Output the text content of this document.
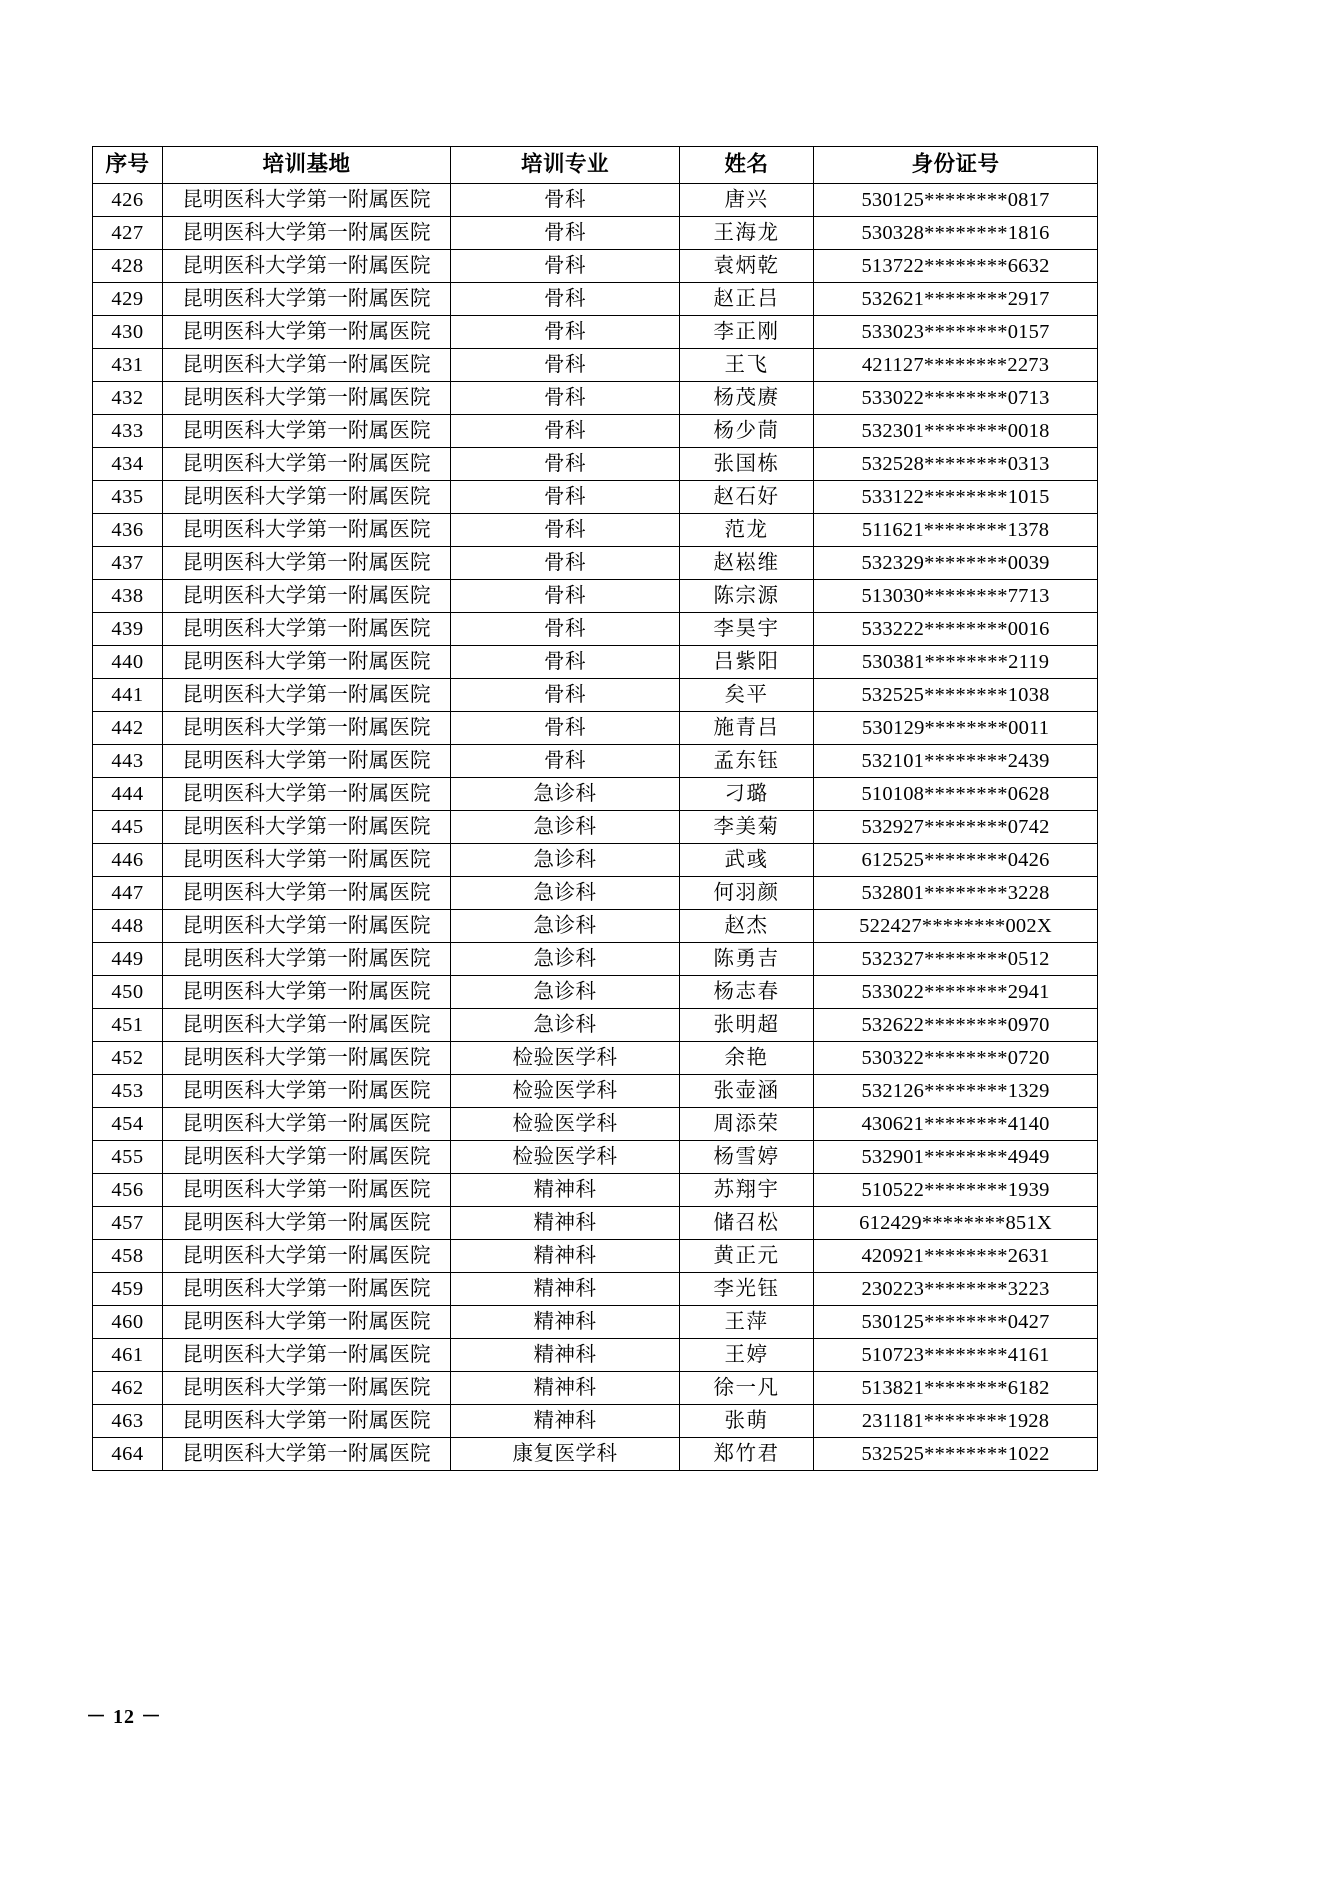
序号	培训基地	培训专业	姓名	身份证号
426	昆明医科大学第一附属医院	骨科	唐兴	530125********0817
427	昆明医科大学第一附属医院	骨科	王海龙	530328********1816
428	昆明医科大学第一附属医院	骨科	袁炳乾	513722********6632
429	昆明医科大学第一附属医院	骨科	赵正吕	532621********2917
430	昆明医科大学第一附属医院	骨科	李正刚	533023********0157
431	昆明医科大学第一附属医院	骨科	王飞	421127********2273
432	昆明医科大学第一附属医院	骨科	杨茂赓	533022********0713
433	昆明医科大学第一附属医院	骨科	杨少茼	532301********0018
434	昆明医科大学第一附属医院	骨科	张国栋	532528********0313
435	昆明医科大学第一附属医院	骨科	赵石好	533122********1015
436	昆明医科大学第一附属医院	骨科	范龙	511621********1378
437	昆明医科大学第一附属医院	骨科	赵崧维	532329********0039
438	昆明医科大学第一附属医院	骨科	陈宗源	513030********7713
439	昆明医科大学第一附属医院	骨科	李昊宇	533222********0016
440	昆明医科大学第一附属医院	骨科	吕紫阳	530381********2119
441	昆明医科大学第一附属医院	骨科	矣平	532525********1038
442	昆明医科大学第一附属医院	骨科	施青吕	530129********0011
443	昆明医科大学第一附属医院	骨科	孟东钰	532101********2439
444	昆明医科大学第一附属医院	急诊科	刁璐	510108********0628
445	昆明医科大学第一附属医院	急诊科	李美菊	532927********0742
446	昆明医科大学第一附属医院	急诊科	武彧	612525********0426
447	昆明医科大学第一附属医院	急诊科	何羽颜	532801********3228
448	昆明医科大学第一附属医院	急诊科	赵杰	522427********002X
449	昆明医科大学第一附属医院	急诊科	陈勇吉	532327********0512
450	昆明医科大学第一附属医院	急诊科	杨志春	533022********2941
451	昆明医科大学第一附属医院	急诊科	张明超	532622********0970
452	昆明医科大学第一附属医院	检验医学科	余艳	530322********0720
453	昆明医科大学第一附属医院	检验医学科	张壶涵	532126********1329
454	昆明医科大学第一附属医院	检验医学科	周添荣	430621********4140
455	昆明医科大学第一附属医院	检验医学科	杨雪婷	532901********4949
456	昆明医科大学第一附属医院	精神科	苏翔宇	510522********1939
457	昆明医科大学第一附属医院	精神科	储召松	612429********851X
458	昆明医科大学第一附属医院	精神科	黄正元	420921********2631
459	昆明医科大学第一附属医院	精神科	李光钰	230223********3223
460	昆明医科大学第一附属医院	精神科	王萍	530125********0427
461	昆明医科大学第一附属医院	精神科	王婷	510723********4161
462	昆明医科大学第一附属医院	精神科	徐一凡	513821********6182
463	昆明医科大学第一附属医院	精神科	张萌	231181********1928
464	昆明医科大学第一附属医院	康复医学科	郑竹君	532525********1022
－ 12 －
